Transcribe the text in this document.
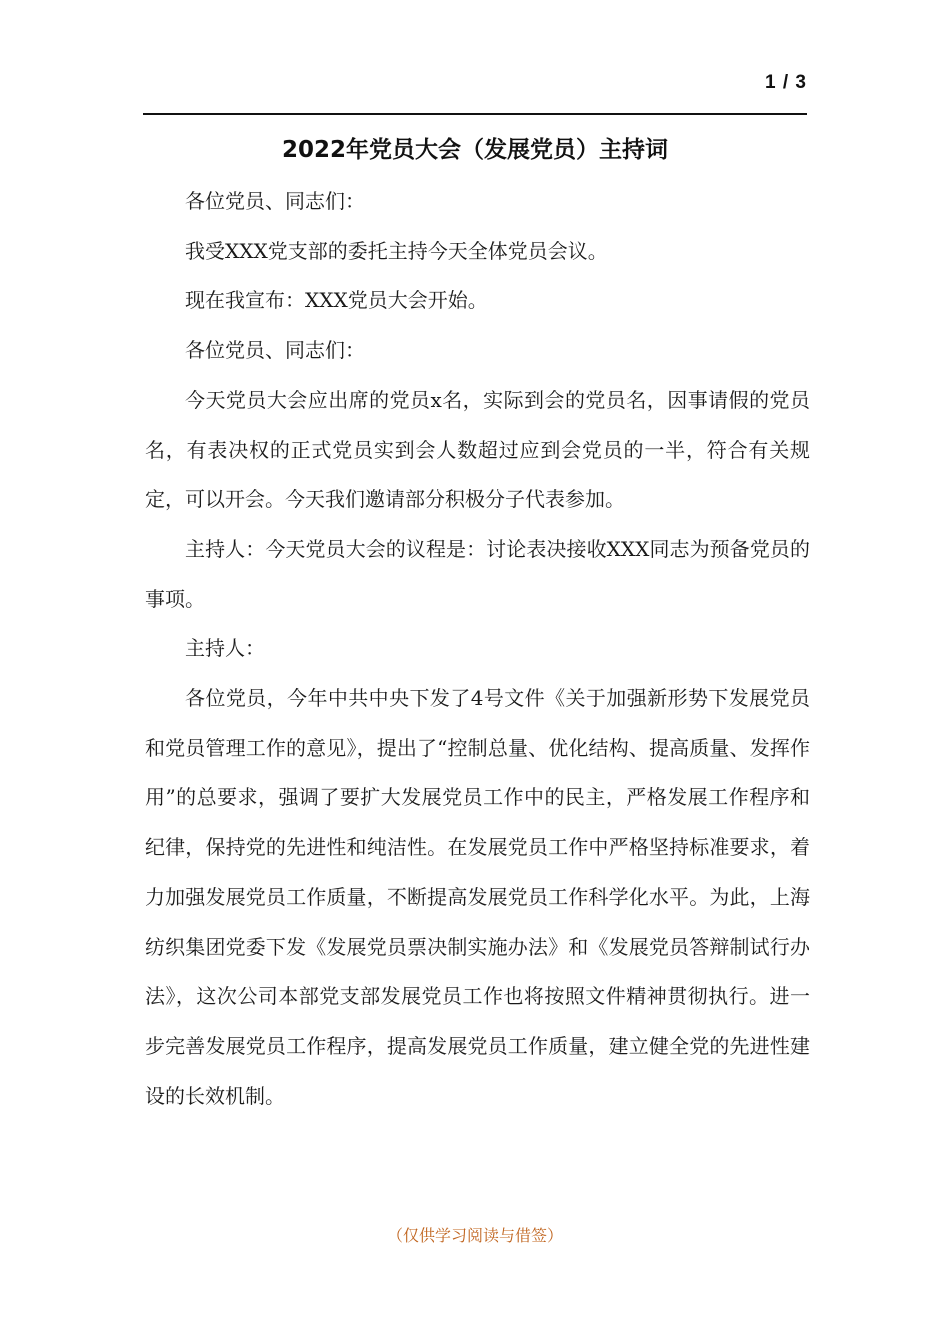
1 / 3
2022年党员大会（发展党员）主持词

各位党员、同志们：

我受XXX党支部的委托主持今天全体党员会议。

现在我宣布：XXX党员大会开始。

各位党员、同志们：

今天党员大会应出席的党员x名，实际到会的党员名，因事请假的党员  名，有表决权的正式党员实到会人数超过应到会党员的一半，符合有关规定，可以开会。今天我们邀请部分积极分子代表参加。

主持人：今天党员大会的议程是：讨论表决接收XXX同志为预备党员的事项。

主持人：

各位党员，今年中共中央下发了4号文件《关于加强新形势下发展党员和党员管理工作的意见》，提出了“控制总量、优化结构、提高质量、发挥作用”的总要求，强调了要扩大发展党员工作中的民主，严格发展工作程序和纪律，保持党的先进性和纯洁性。在发展党员工作中严格坚持标准要求，着力加强发展党员工作质量，不断提高发展党员工作科学化水平。为此，上海纺织集团党委下发《发展党员票决制实施办法》和《发展党员答辩制试行办法》，这次公司本部党支部发展党员工作也将按照文件精神贯彻执行。进一步完善发展党员工作程序，提高发展党员工作质量，建立健全党的先进性建设的长效机制。

（仅供学习阅读与借签）
